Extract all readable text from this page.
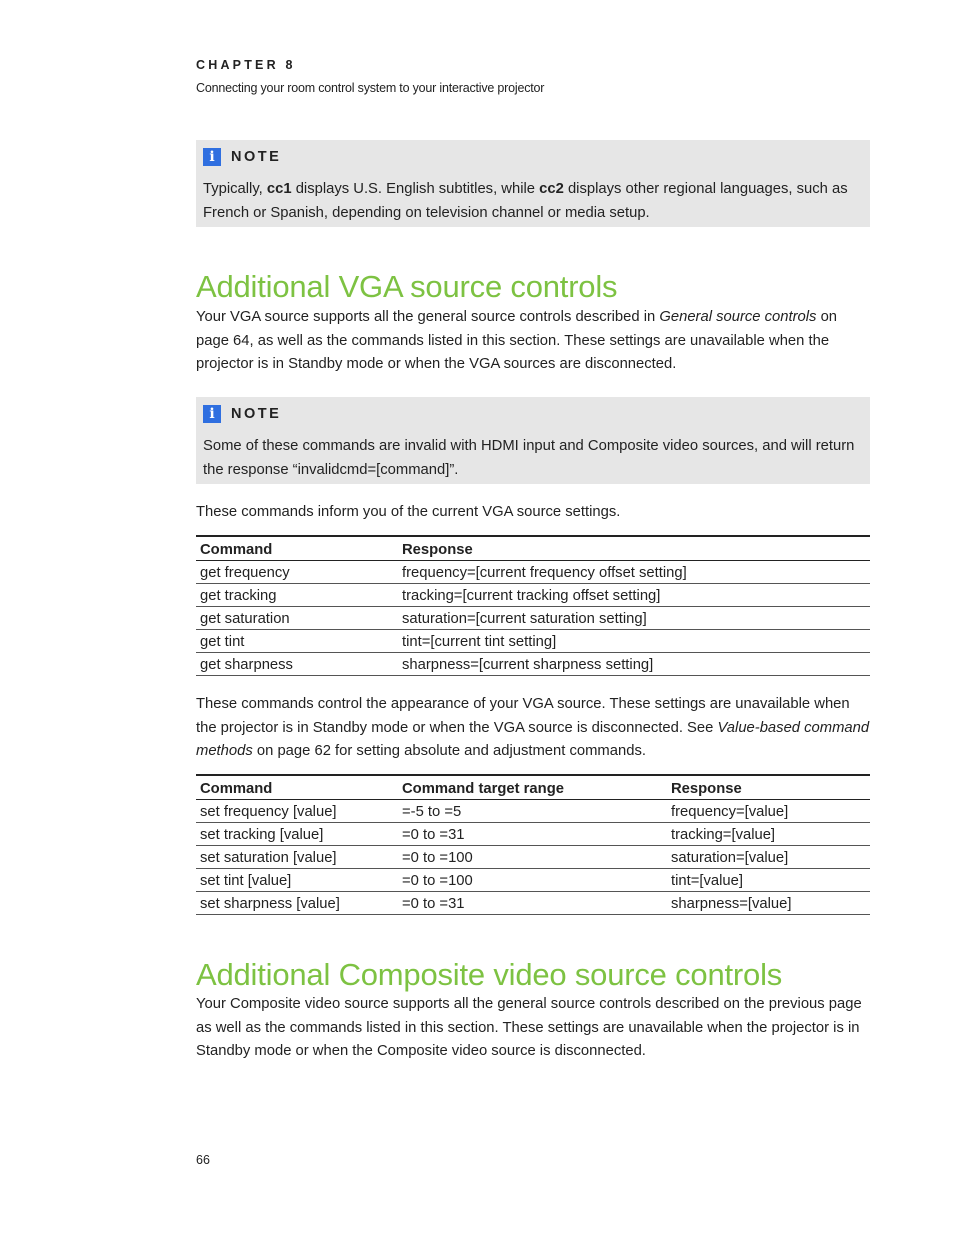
CHAPTER 8
Connecting your room control system to your interactive projector
i	NOTE
Typically, cc1 displays U.S. English subtitles, while cc2 displays other regional languages, such as French or Spanish, depending on television channel or media setup.
Additional VGA source controls

Your VGA source supports all the general source controls described in General source controls on page 64, as well as the commands listed in this section. These settings are unavailable when the projector is in Standby mode or when the VGA sources are disconnected.

i	NOTE
Some of these commands are invalid with HDMI input and Composite video sources, and will return the response “invalidcmd=[command]”.

These commands inform you of the current VGA source settings.

Command	Response
get frequency	frequency=[current frequency offset setting]
get tracking	tracking=[current tracking offset setting]
get saturation	saturation=[current saturation setting]
get tint	tint=[current tint setting]
get sharpness	sharpness=[current sharpness setting]

These commands control the appearance of your VGA source. These settings are unavailable when the projector is in Standby mode or when the VGA source is disconnected. See Value-based command methods on page 62 for setting absolute and adjustment commands.

Command	Command target range	Response
set frequency [value]	=-5 to =5	frequency=[value]
set tracking [value]	=0 to =31	tracking=[value]
set saturation [value]	=0 to =100	saturation=[value]
set tint [value]	=0 to =100	tint=[value]
set sharpness [value]	=0 to =31	sharpness=[value]
Additional Composite video source controls

Your Composite video source supports all the general source controls described on the previous page as well as the commands listed in this section. These settings are unavailable when the projector is in Standby mode or when the Composite video source is disconnected.

66
